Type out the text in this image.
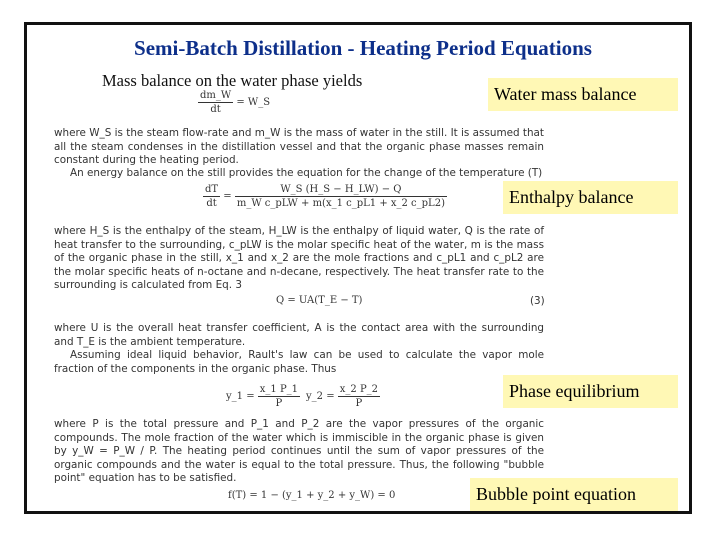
Semi-Batch Distillation - Heating Period Equations
Mass balance on the water phase yields
$\frac{dm\_W}{dt}$ = W_S

where W_S is the steam flow-rate and m_W is the mass of water in the still. It is assumed that all the steam condenses in the distillation vessel and that the organic phase masses remain constant during the heating period.

An energy balance on the still provides the equation for the change of the temperature (T)

$\frac{dT}{dt} = \frac{W\_S (H\_S - H\_LW) - Q}{\text{m\_W c\_pLW + m(x\_1 c\_pL1 + x\_2 c\_pL2)}}$

where H_S is the enthalpy of the steam, H_LW is the enthalpy of liquid water, Q is the rate of heat transfer to the surrounding, c_pLW is the molar specific heat of the water, m is the mass of the organic phase in the still, x_1 and x_2 are the mole fractions and c_pL1 and c_pL2 are the molar specific heats of n-octane and n-decane, respectively. The heat transfer rate to the surrounding is calculated from Eq. 3

Q = UA(T_E − T)	(3)

where U is the overall heat transfer coefficient, A is the contact area with the surrounding and T_E is the ambient temperature.

Assuming ideal liquid behavior, Rault's law can be used to calculate the vapor mole fraction of the components in the organic phase. Thus

y_1 = $\frac{x\_1 P\_1}{P}$ y_2 = $\frac{x\_2 P\_2}{P}$

where P is the total pressure and P_1 and P_2 are the vapor pressures of the organic compounds. The mole fraction of the water which is immiscible in the organic phase is given by y_W = P_W / P. The heating period continues until the sum of vapor pressures of the organic compounds and the water is equal to the total pressure. Thus, the following "bubble point" equation has to be satisfied.

f(T) = 1 − (y_1 + y_2 + y_W) = 0
Water mass balance
Enthalpy balance
Phase equilibrium
Bubble point equation
